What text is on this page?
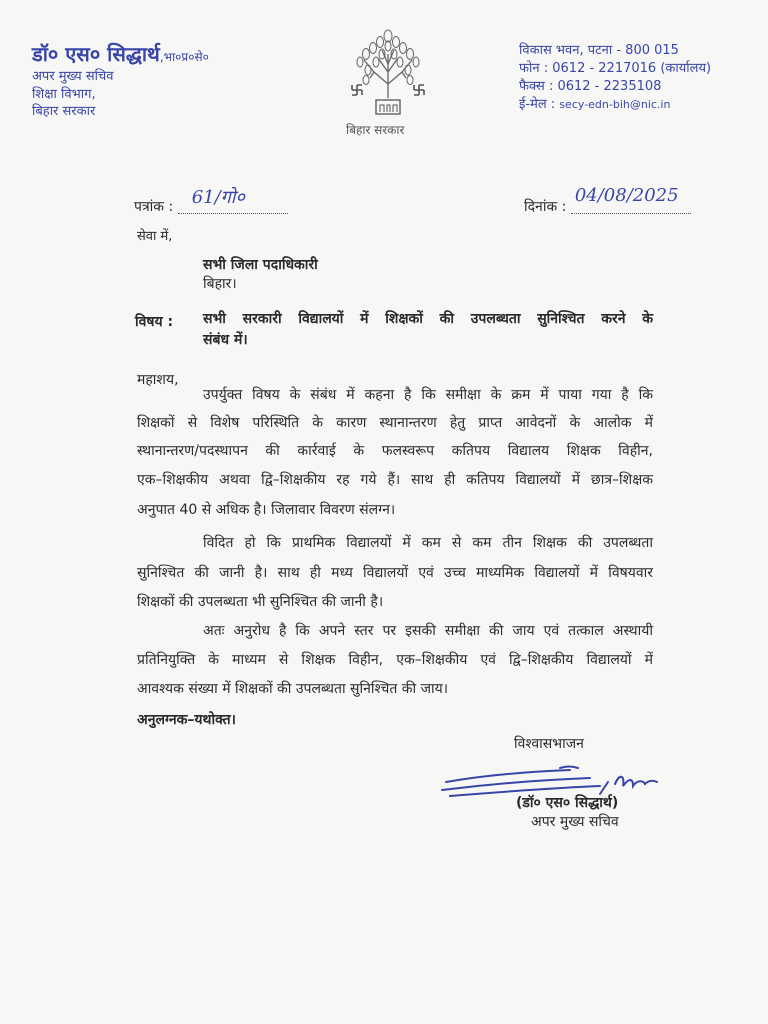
डॉ० एस० सिद्धार्थ,भा०प्र०से०
अपर मुख्य सचिव
शिक्षा विभाग,
बिहार सरकार
बिहार सरकार
विकास भवन, पटना - 800 015
फोन : 0612 - 2217016 (कार्यालय)
फैक्स : 0612 - 2235108
ई-मेल : secy-edn-bih@nic.in
पत्रांक : 61/गो०	दिनांक :
04/08/2025
सेवा में,
सभी जिला पदाधिकारी
बिहार।
विषय : सभी सरकारी विद्यालयों में शिक्षकों की उपलब्धता सुनिश्चित करने के
संबंध में।
महाशय,
उपर्युक्त विषय के संबंध में कहना है कि समीक्षा के क्रम में पाया गया है कि
शिक्षकों से विशेष परिस्थिति के कारण स्थानान्तरण हेतु प्राप्त आवेदनों के आलोक में
स्थानान्तरण/पदस्थापन की कार्रवाई के फलस्वरूप कतिपय विद्यालय शिक्षक विहीन,
एक–शिक्षकीय अथवा द्वि–शिक्षकीय रह गये हैं। साथ ही कतिपय विद्यालयों में छात्र–शिक्षक
अनुपात 40 से अधिक है। जिलावार विवरण संलग्न।
विदित हो कि प्राथमिक विद्यालयों में कम से कम तीन शिक्षक की उपलब्धता
सुनिश्चित की जानी है। साथ ही मध्य विद्यालयों एवं उच्च माध्यमिक विद्यालयों में विषयवार
शिक्षकों की उपलब्धता भी सुनिश्चित की जानी है।
अतः अनुरोध है कि अपने स्तर पर इसकी समीक्षा की जाय एवं तत्काल अस्थायी
प्रतिनियुक्ति के माध्यम से शिक्षक विहीन, एक–शिक्षकीय एवं द्वि–शिक्षकीय विद्यालयों में
आवश्यक संख्या में शिक्षकों की उपलब्धता सुनिश्चित की जाय।
अनुलग्नक–यथोक्त।
विश्वासभाजन
(डॉ० एस० सिद्धार्थ)
अपर मुख्य सचिव
